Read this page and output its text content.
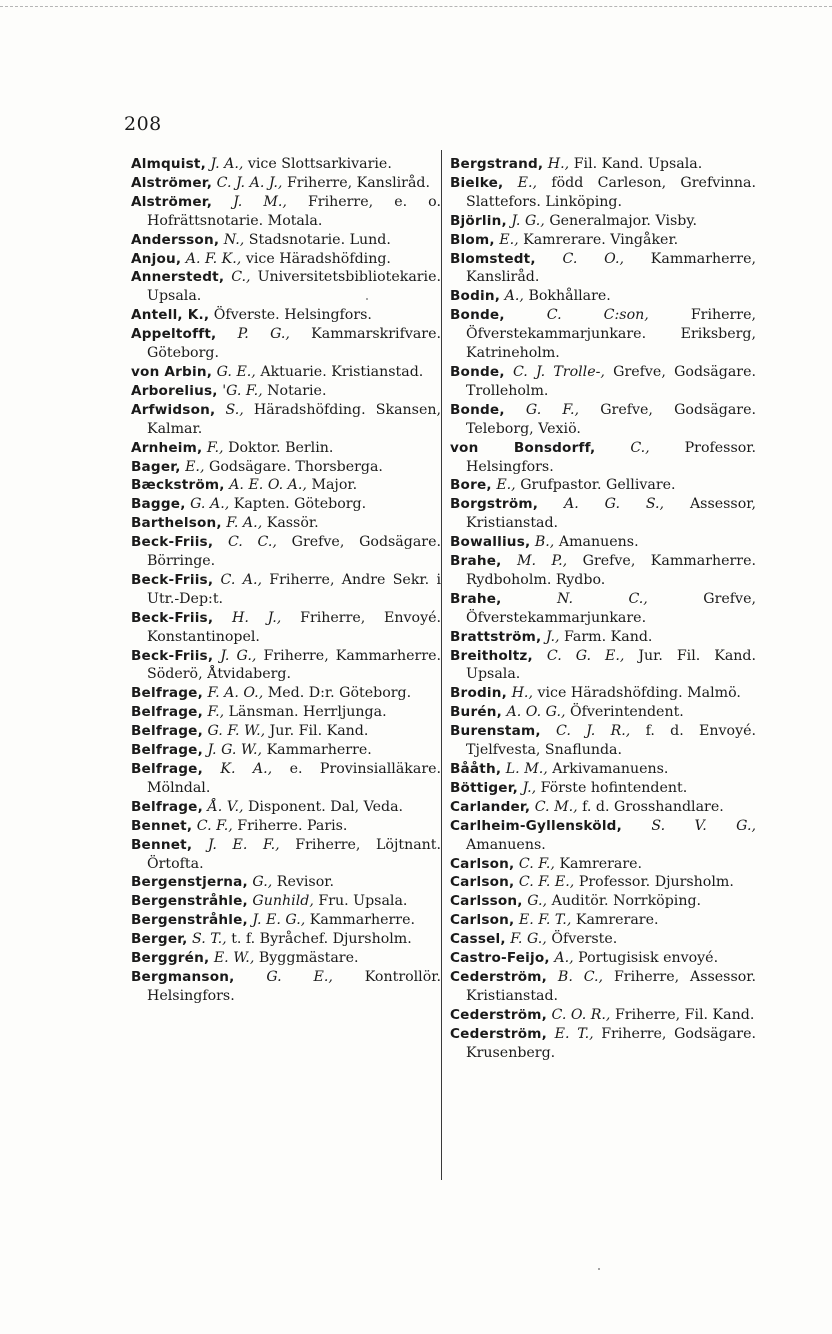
208
Almquist, J. A., vice Slottsarkivarie.
Alströmer, C. J. A. J., Friherre, Kansliråd.
Alströmer, J. M., Friherre, e. o. Hofrättsnotarie. Motala.
Andersson, N., Stadsnotarie. Lund.
Anjou, A. F. K., vice Häradshöfding.
Annerstedt, C., Universitetsbibliotekarie. Upsala.
Antell, K., Öfverste. Helsingfors.
Appeltofft, P. G., Kammarskrifvare. Göteborg.
von Arbin, G. E., Aktuarie. Kristianstad.
Arborelius, 'G. F., Notarie.
Arfwidson, S., Häradshöfding. Skansen, Kalmar.
Arnheim, F., Doktor. Berlin.
Bager, E., Godsägare. Thorsberga.
Bæckström, A. E. O. A., Major.
Bagge, G. A., Kapten. Göteborg.
Barthelson, F. A., Kassör.
Beck-Friis, C. C., Grefve, Godsägare. Börringe.
Beck-Friis, C. A., Friherre, Andre Sekr. i Utr.-Dep:t.
Beck-Friis, H. J., Friherre, Envoyé. Konstantinopel.
Beck-Friis, J. G., Friherre, Kammarherre. Söderö, Åtvidaberg.
Belfrage, F. A. O., Med. D:r. Göteborg.
Belfrage, F., Länsman. Herrljunga.
Belfrage, G. F. W., Jur. Fil. Kand.
Belfrage, J. G. W., Kammarherre.
Belfrage, K. A., e. Provinsialläkare. Mölndal.
Belfrage, Å. V., Disponent. Dal, Veda.
Bennet, C. F., Friherre. Paris.
Bennet, J. E. F., Friherre, Löjtnant. Örtofta.
Bergenstjerna, G., Revisor.
Bergenstråhle, Gunhild, Fru. Upsala.
Bergenstråhle, J. E. G., Kammarherre.
Berger, S. T., t. f. Byråchef. Djursholm.
Berggrén, E. W., Byggmästare.
Bergmanson, G. E., Kontrollör. Helsingfors.
Bergstrand, H., Fil. Kand. Upsala.
Bielke, E., född Carleson, Grefvinna. Slattefors. Linköping.
Björlin, J. G., Generalmajor. Visby.
Blom, E., Kamrerare. Vingåker.
Blomstedt, C. O., Kammarherre, Kansliråd.
Bodin, A., Bokhållare.
Bonde,	C. C:son,	Friherre, Öfverstekammarjunkare. Eriksberg, Katrineholm.
Bonde, C. J. Trolle-, Grefve, Godsägare. Trolleholm.
Bonde, G. F., Grefve, Godsägare. Teleborg, Vexiö.
von Bonsdorff, C., Professor. Helsingfors.
Bore, E., Grufpastor. Gellivare.
Borgström, A. G. S., Assessor, Kristianstad.
Bowallius, B., Amanuens.
Brahe, M. P., Grefve, Kammarherre. Rydboholm. Rydbo.
Brahe,	N. C.,	Grefve, Öfverstekammarjunkare.
Brattström, J., Farm. Kand.
Breitholtz, C. G. E., Jur. Fil. Kand. Upsala.
Brodin, H., vice Häradshöfding. Malmö.
Burén, A. O. G., Öfverintendent.
Burenstam, C. J. R., f. d. Envoyé. Tjelfvesta, Snaflunda.
Bååth, L. M., Arkivamanuens.
Böttiger, J., Förste hofintendent.
Carlander, C. M., f. d. Grosshandlare.
Carlheim-Gyllensköld, S. V. G., Amanuens.
Carlson, C. F., Kamrerare.
Carlson, C. F. E., Professor. Djursholm.
Carlsson, G., Auditör. Norrköping.
Carlson, E. F. T., Kamrerare.
Cassel, F. G., Öfverste.
Castro-Feijo, A., Portugisisk envoyé.
Cederström, B. C., Friherre, Assessor. Kristianstad.
Cederström, C. O. R., Friherre, Fil. Kand.
Cederström, E. T., Friherre, Godsägare. Krusenberg.
